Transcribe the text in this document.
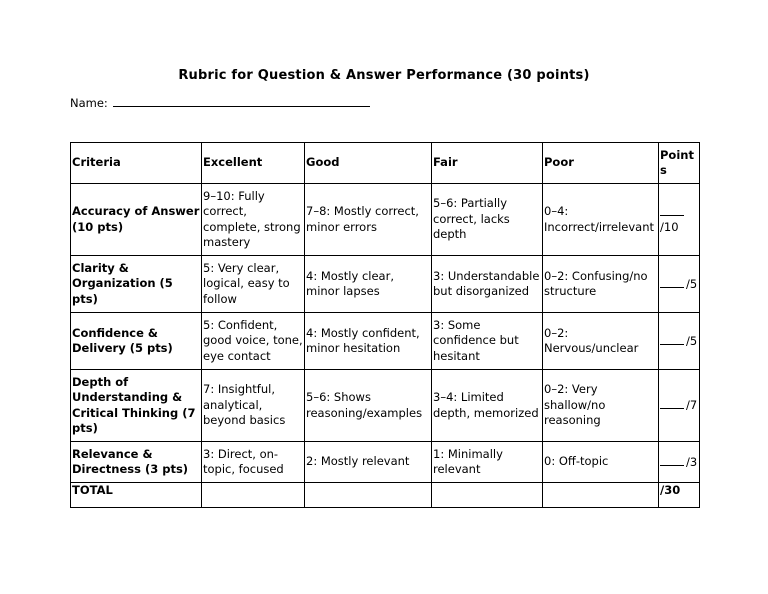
Rubric for Question & Answer Performance (30 points)
Name:
Criteria	Excellent	Good	Fair	Poor	Points
Accuracy of Answer (10 pts)	9–10: Fully correct, complete, strong mastery	7–8: Mostly correct, minor errors	5–6: Partially correct, lacks depth	0–4: Incorrect/irrelevant	/10
Clarity & Organization (5 pts)	5: Very clear, logical, easy to follow	4: Mostly clear, minor lapses	3: Understandable but disorganized	0–2: Confusing/no structure	/5
Confidence & Delivery (5 pts)	5: Confident, good voice, tone, eye contact	4: Mostly confident, minor hesitation	3: Some confidence but hesitant	0–2: Nervous/unclear	/5
Depth of Understanding & Critical Thinking (7 pts)	7: Insightful, analytical, beyond basics	5–6: Shows reasoning/examples	3–4: Limited depth, memorized	0–2: Very shallow/no reasoning	/7
Relevance & Directness (3 pts)	3: Direct, on-topic, focused	2: Mostly relevant	1: Minimally relevant	0: Off-topic	/3
TOTAL					/30
